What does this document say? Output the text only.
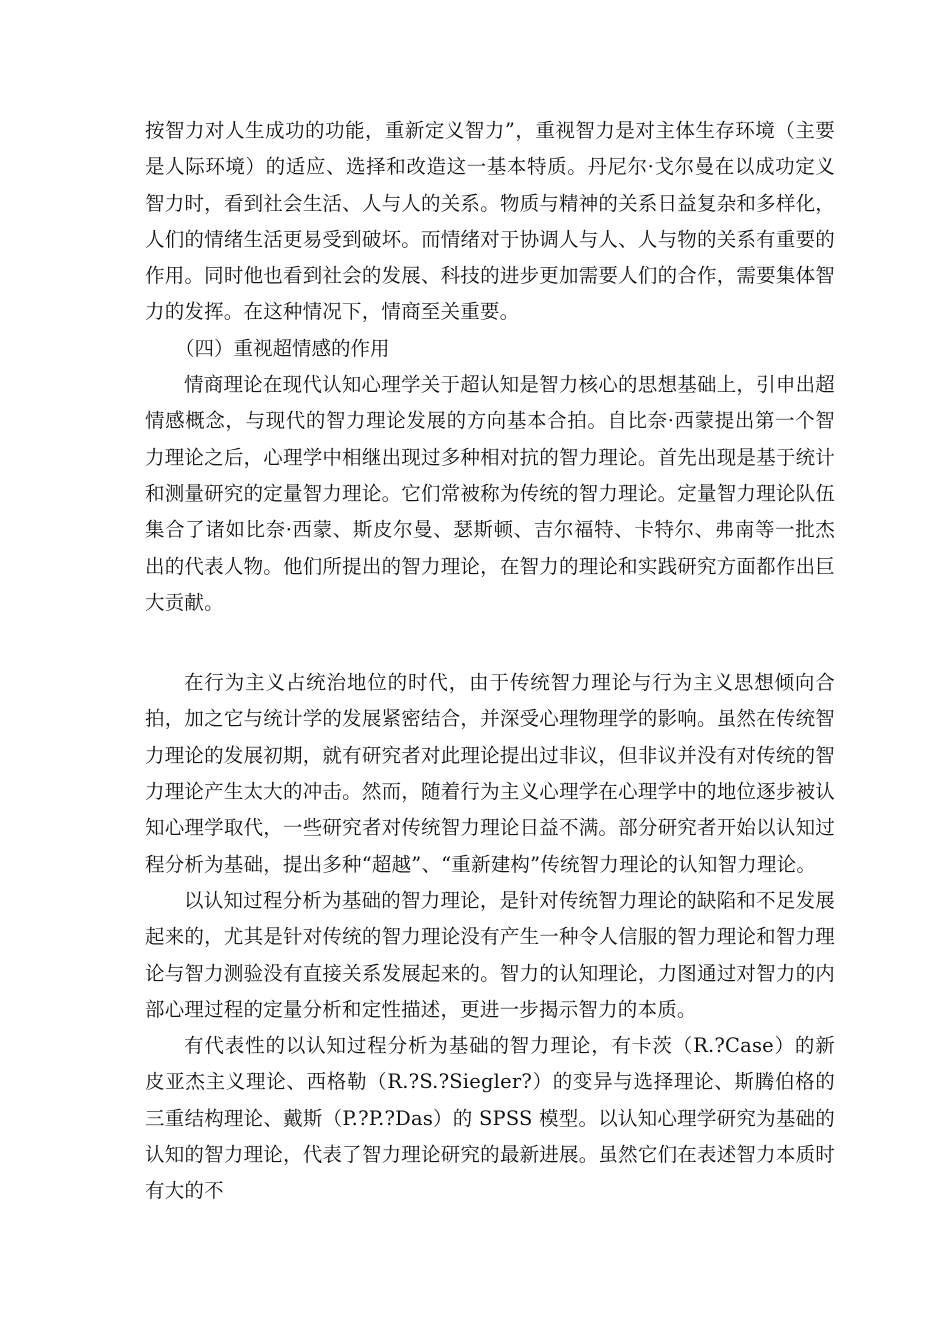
按智力对人生成功的功能，重新定义智力”，重视智力是对主体生存环境（主要是人际环境）的适应、选择和改造这一基本特质。丹尼尔·戈尔曼在以成功定义智力时，看到社会生活、人与人的关系。物质与精神的关系日益复杂和多样化，人们的情绪生活更易受到破坏。而情绪对于协调人与人、人与物的关系有重要的作用。同时他也看到社会的发展、科技的进步更加需要人们的合作，需要集体智力的发挥。在这种情况下，情商至关重要。

（四）重视超情感的作用

情商理论在现代认知心理学关于超认知是智力核心的思想基础上，引申出超情感概念，与现代的智力理论发展的方向基本合拍。自比奈·西蒙提出第一个智力理论之后，心理学中相继出现过多种相对抗的智力理论。首先出现是基于统计和测量研究的定量智力理论。它们常被称为传统的智力理论。定量智力理论队伍集合了诸如比奈·西蒙、斯皮尔曼、瑟斯顿、吉尔福特、卡特尔、弗南等一批杰出的代表人物。他们所提出的智力理论，在智力的理论和实践研究方面都作出巨大贡献。

在行为主义占统治地位的时代，由于传统智力理论与行为主义思想倾向合拍，加之它与统计学的发展紧密结合，并深受心理物理学的影响。虽然在传统智力理论的发展初期，就有研究者对此理论提出过非议，但非议并没有对传统的智力理论产生太大的冲击。然而，随着行为主义心理学在心理学中的地位逐步被认知心理学取代，一些研究者对传统智力理论日益不满。部分研究者开始以认知过程分析为基础，提出多种“超越”、“重新建构”传统智力理论的认知智力理论。

以认知过程分析为基础的智力理论，是针对传统智力理论的缺陷和不足发展起来的，尤其是针对传统的智力理论没有产生一种令人信服的智力理论和智力理论与智力测验没有直接关系发展起来的。智力的认知理论，力图通过对智力的内部心理过程的定量分析和定性描述，更进一步揭示智力的本质。

有代表性的以认知过程分析为基础的智力理论，有卡茨（R.?Case）的新皮亚杰主义理论、西格勒（R.?S.?Siegler?）的变异与选择理论、斯腾伯格的三重结构理论、戴斯（P.?P.?Das）的 SPSS 模型。以认知心理学研究为基础的认知的智力理论，代表了智力理论研究的最新进展。虽然它们在表述智力本质时有大的不
